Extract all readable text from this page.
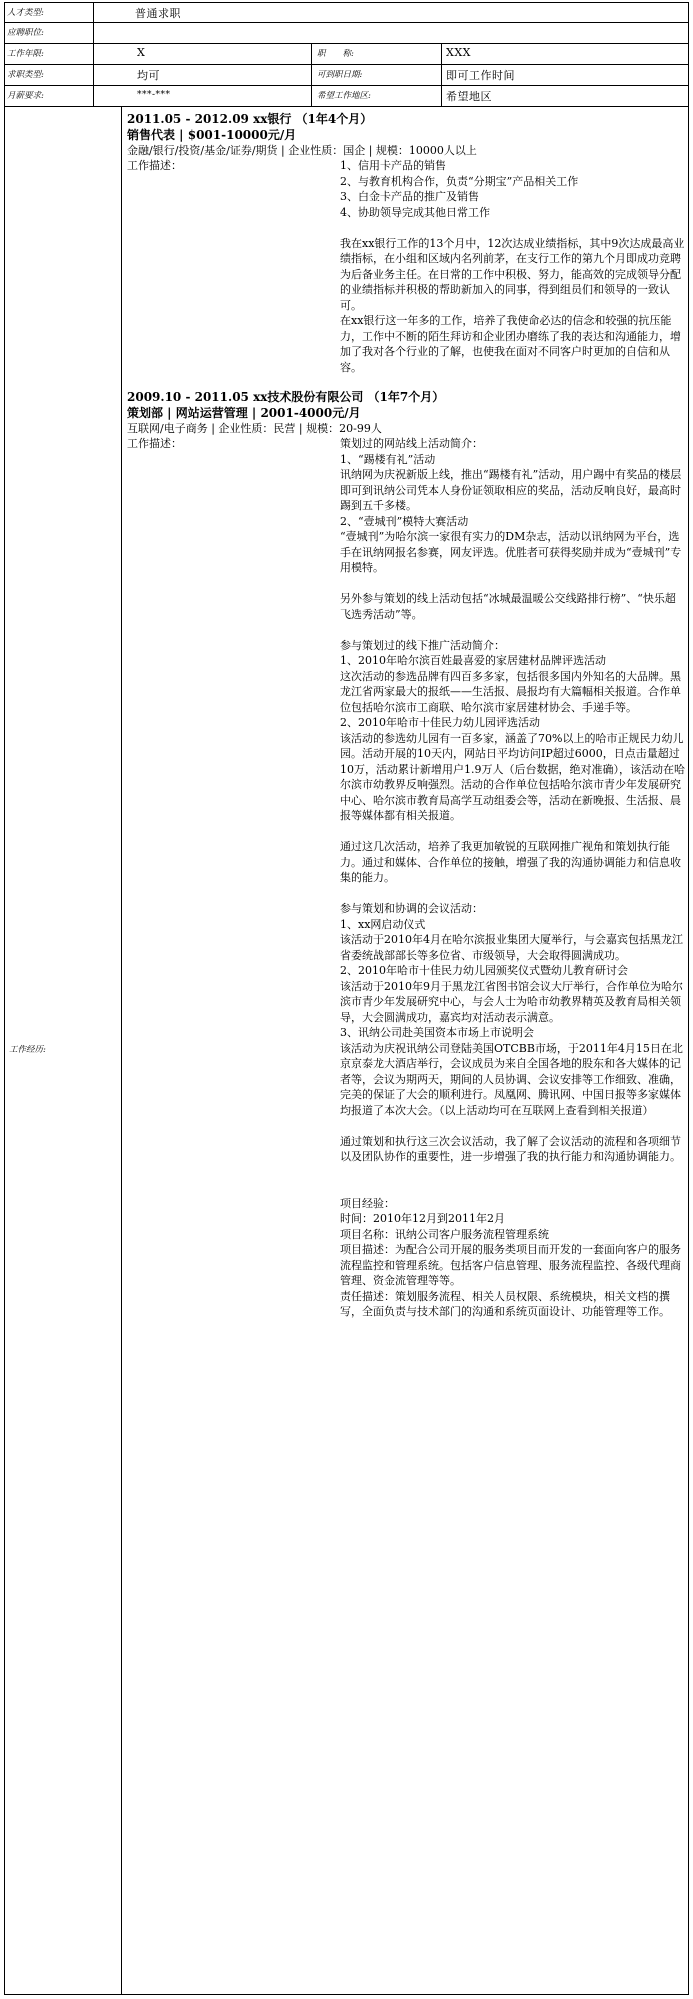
人才类型:	普通求职
应聘职位:
工作年限:	X	职　　称:	XXX
求职类型:	均可	可到职日期:	即可工作时间
月薪要求:	***-***	希望工作地区:	希望地区
工作经历:
2011.05 - 2012.09 xx银行 （1年4个月）
销售代表 | $001-10000元/月
金融/银行/投资/基金/证券/期货 | 企业性质：国企 | 规模：10000人以上
工作描述：	1、信用卡产品的销售
2、与教育机构合作，负责“分期宝”产品相关工作
3、白金卡产品的推广及销售
4、协助领导完成其他日常工作
我在xx银行工作的13个月中，12次达成业绩指标，其中9次达成最高业绩指标，在小组和区域内名列前茅，在支行工作的第九个月即成功竞聘为后备业务主任。在日常的工作中积极、努力，能高效的完成领导分配的业绩指标并积极的帮助新加入的同事，得到组员们和领导的一致认可。
在xx银行这一年多的工作，培养了我使命必达的信念和较强的抗压能力，工作中不断的陌生拜访和企业团办磨练了我的表达和沟通能力，增加了我对各个行业的了解，也使我在面对不同客户时更加的自信和从容。
2009.10 - 2011.05 xx技术股份有限公司 （1年7个月）
策划部 | 网站运营管理 | 2001-4000元/月
互联网/电子商务 | 企业性质：民营 | 规模：20-99人
工作描述：	策划过的网站线上活动简介：
1、“踢楼有礼”活动
讯纳网为庆祝新版上线，推出“踢楼有礼”活动，用户踢中有奖品的楼层即可到讯纳公司凭本人身份证领取相应的奖品，活动反响良好，最高时踢到五千多楼。
2、“壹城刊”模特大赛活动
“壹城刊”为哈尔滨一家很有实力的DM杂志，活动以讯纳网为平台，选手在讯纳网报名参赛，网友评选。优胜者可获得奖励并成为“壹城刊”专用模特。
另外参与策划的线上活动包括“冰城最温暖公交线路排行榜”、“快乐超飞选秀活动”等。
参与策划过的线下推广活动简介：
1、2010年哈尔滨百姓最喜爱的家居建材品牌评选活动
这次活动的参选品牌有四百多多家，包括很多国内外知名的大品牌。黑龙江省两家最大的报纸——生活报、晨报均有大篇幅相关报道。合作单位包括哈尔滨市工商联、哈尔滨市家居建材协会、手递手等。
2、2010年哈市十佳民力幼儿园评选活动
该活动的参选幼儿园有一百多家，涵盖了70%以上的哈市正规民力幼儿园。活动开展的10天内，网站日平均访问IP超过6000，日点击量超过10万，活动累计新增用户1.9万人（后台数据，绝对准确），该活动在哈尔滨市幼教界反响强烈。活动的合作单位包括哈尔滨市青少年发展研究中心、哈尔滨市教育局高学互动组委会等，活动在新晚报、生活报、晨报等媒体都有相关报道。
通过这几次活动，培养了我更加敏锐的互联网推广视角和策划执行能力。通过和媒体、合作单位的接触，增强了我的沟通协调能力和信息收集的能力。
参与策划和协调的会议活动：
1、xx网启动仪式
该活动于2010年4月在哈尔滨报业集团大厦举行，与会嘉宾包括黑龙江省委统战部部长等多位省、市级领导，大会取得圆满成功。
2、2010年哈市十佳民力幼儿园颁奖仪式暨幼儿教育研讨会
该活动于2010年9月于黑龙江省图书馆会议大厅举行，合作单位为哈尔滨市青少年发展研究中心，与会人士为哈市幼教界精英及教育局相关领导，大会圆满成功，嘉宾均对活动表示满意。
3、讯纳公司赴美国资本市场上市说明会
该活动为庆祝讯纳公司登陆美国OTCBB市场，于2011年4月15日在北京京泰龙大酒店举行，会议成员为来自全国各地的股东和各大媒体的记者等，会议为期两天，期间的人员协调、会议安排等工作细致、准确，完美的保证了大会的顺利进行。凤凰网、腾讯网、中国日报等多家媒体均报道了本次大会。（以上活动均可在互联网上查看到相关报道）
通过策划和执行这三次会议活动，我了解了会议活动的流程和各项细节以及团队协作的重要性，进一步增强了我的执行能力和沟通协调能力。
项目经验：
时间：2010年12月到2011年2月
项目名称：讯纳公司客户服务流程管理系统
项目描述：为配合公司开展的服务类项目而开发的一套面向客户的服务流程监控和管理系统。包括客户信息管理、服务流程监控、各级代理商管理、资金流管理等等。
责任描述：策划服务流程、相关人员权限、系统模块，相关文档的撰写，全面负责与技术部门的沟通和系统页面设计、功能管理等工作。
